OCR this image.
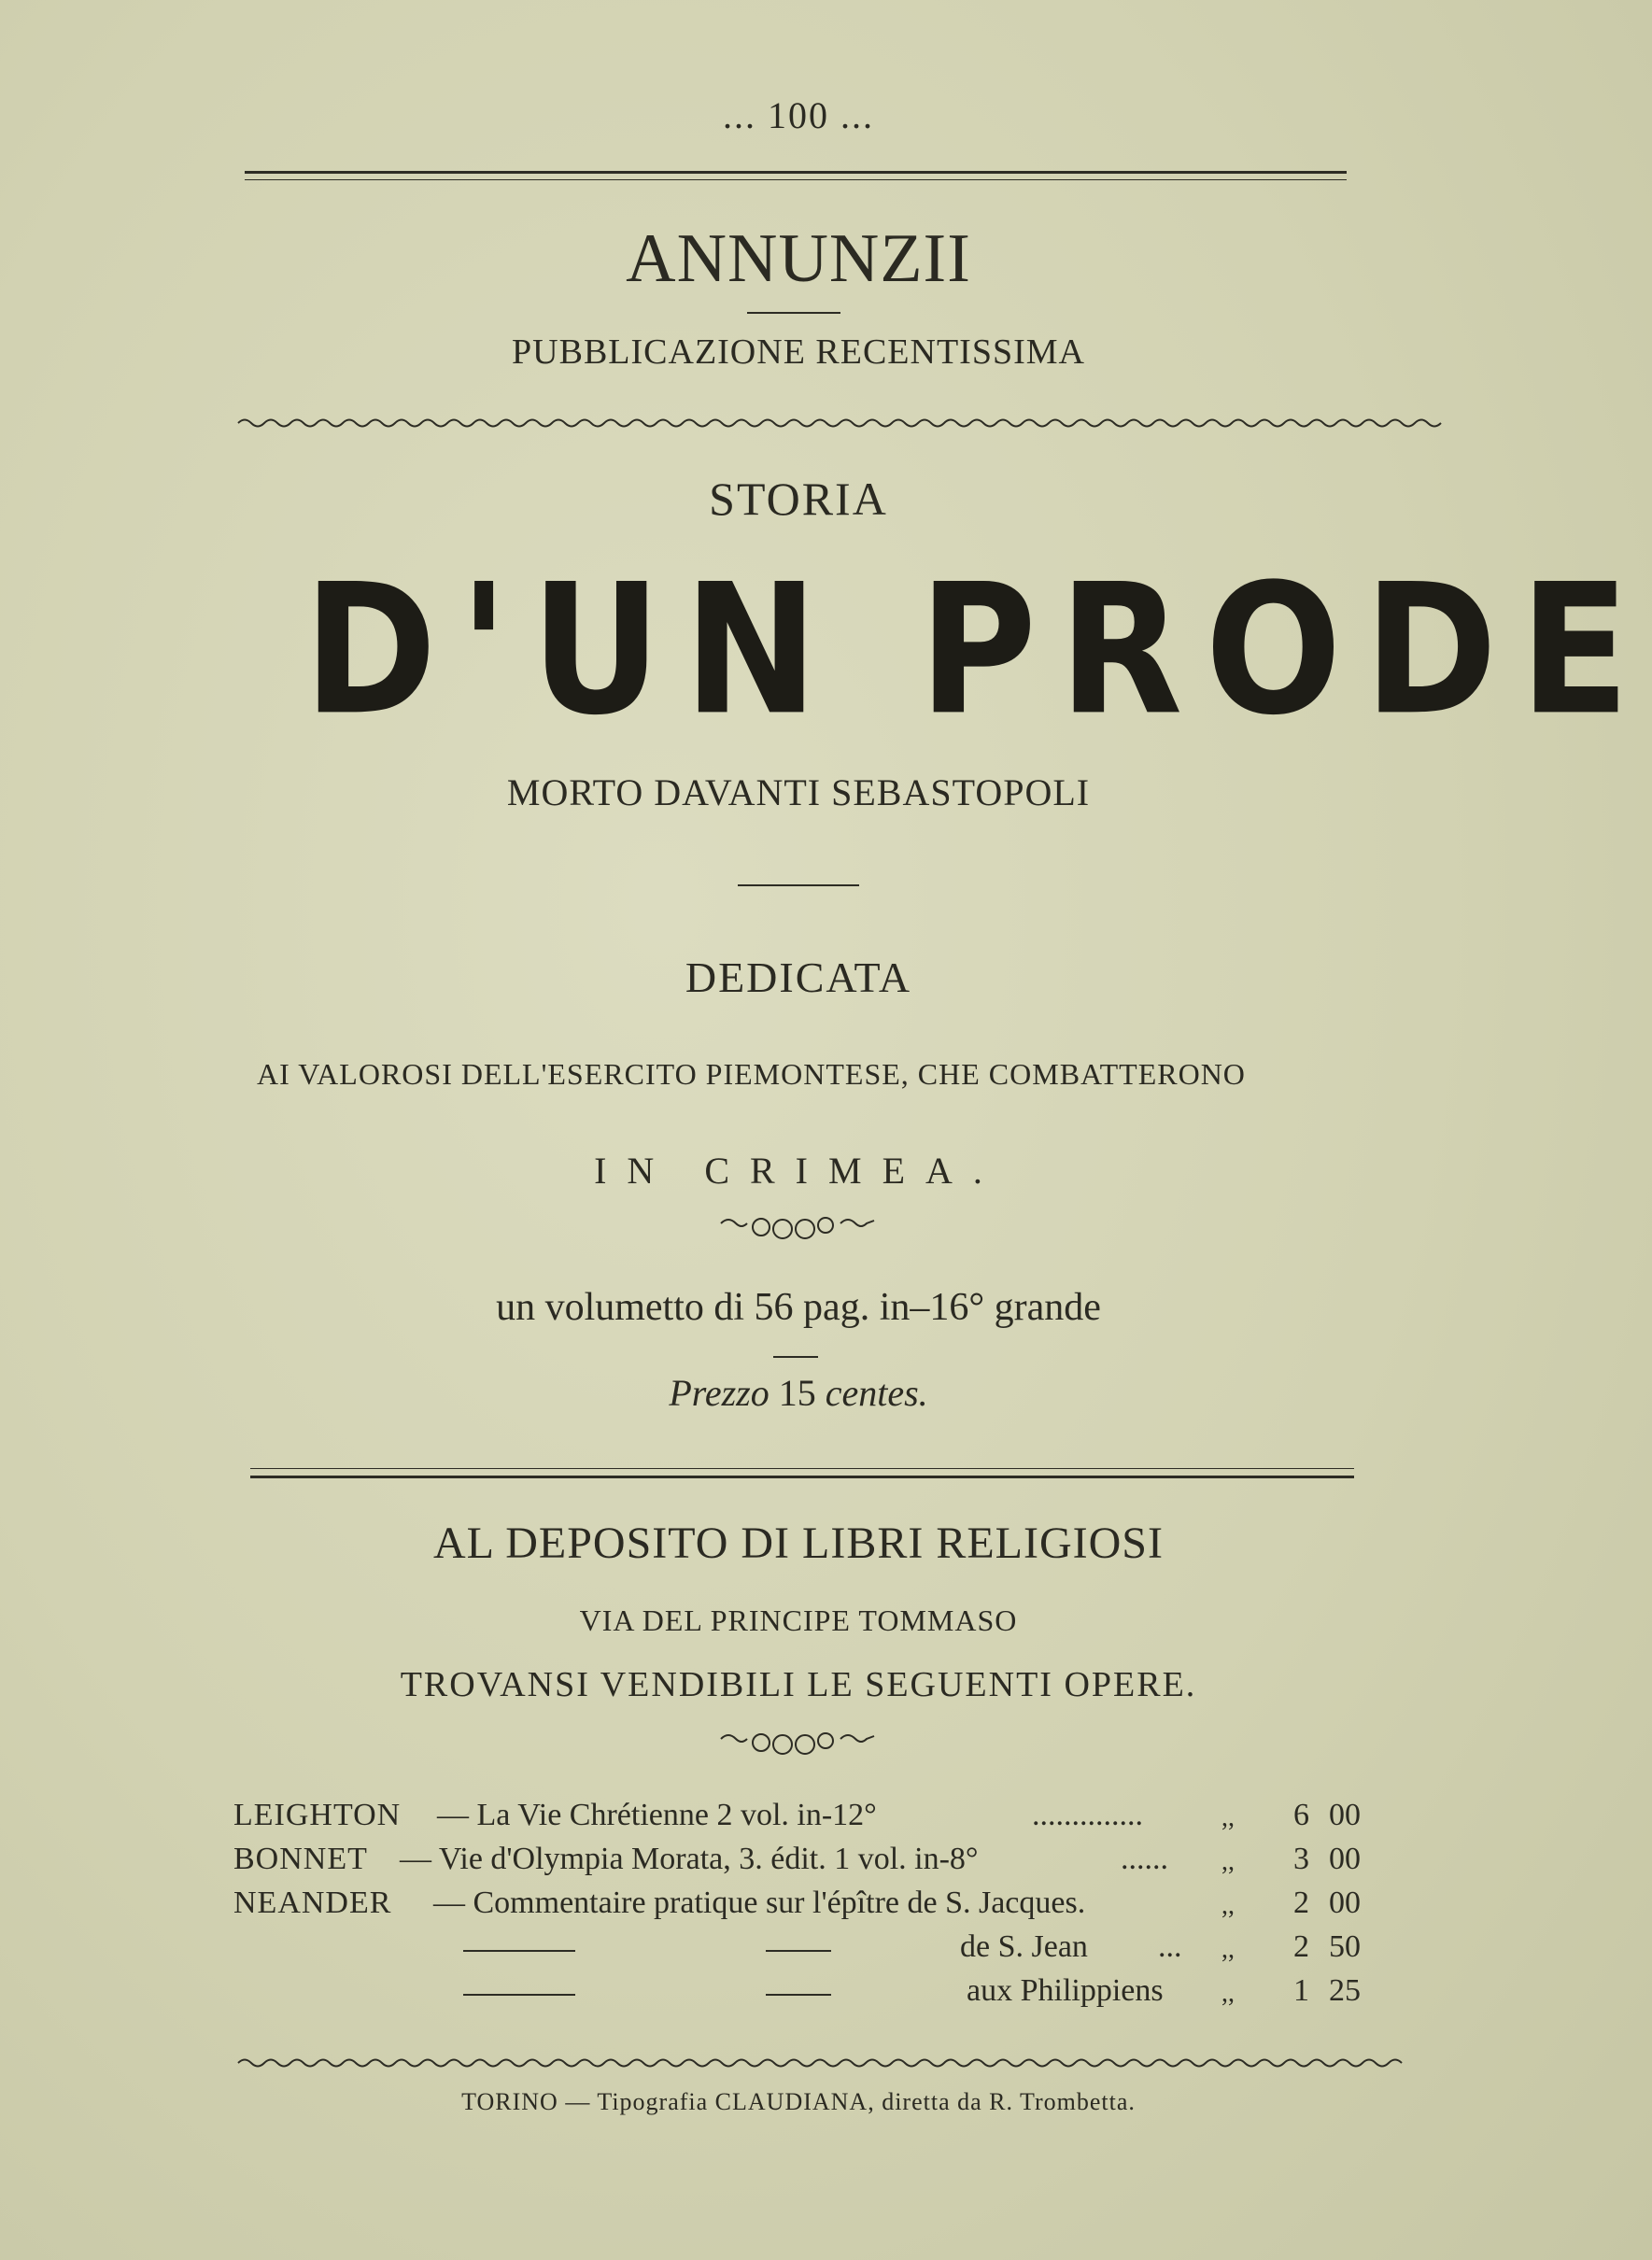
... 100 ...
ANNUNZII
PUBBLICAZIONE RECENTISSIMA
STORIA
D'UN PRODE
MORTO DAVANTI SEBASTOPOLI
DEDICATA
AI VALOROSI DELL'ESERCITO PIEMONTESE, CHE COMBATTERONO
IN CRIMEA.
un volumetto di 56 pag. in–16° grande
Prezzo 15 centes.
AL DEPOSITO DI LIBRI RELIGIOSI
VIA DEL PRINCIPE TOMMASO
TROVANSI VENDIBILI LE SEGUENTI OPERE.
LEIGHTON — La Vie Chrétienne 2 vol. in-12°	..............	,,	6 00
BONNET — Vie d'Olympia Morata, 3. édit. 1 vol. in-8°	...... ,,	3 00
NEANDER — Commentaire pratique sur l'épître de S. Jacques.	,,	2 00
de S. Jean ... ,,	2 50
aux Philippiens ,,	1 25
TORINO — Tipografia CLAUDIANA, diretta da R. Trombetta.
